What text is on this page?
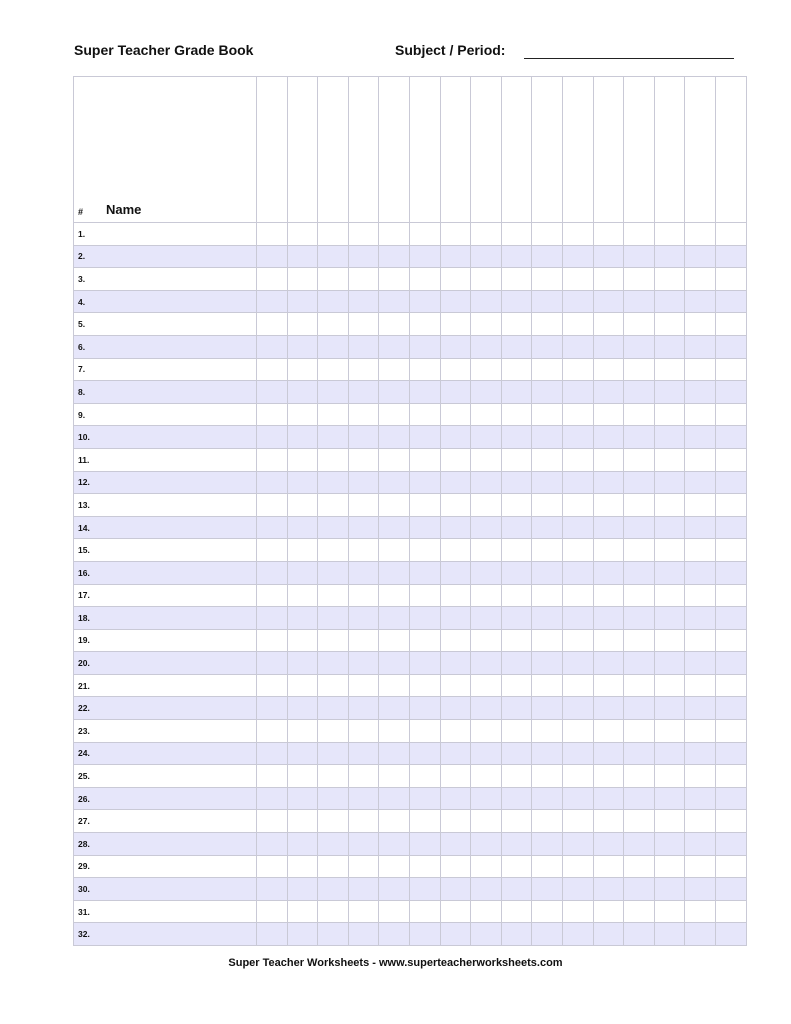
Super Teacher Grade Book	Subject / Period:
# Name																

1.																
2.																
3.																
4.																
5.																
6.																
7.																
8.																
9.																
10.																
11.																
12.																
13.																
14.																
15.																
16.																
17.																
18.																
19.																
20.																
21.																
22.																
23.																
24.																
25.																
26.																
27.																
28.																
29.																
30.																
31.																
32.																
Super Teacher Worksheets - www.superteacherworksheets.com
